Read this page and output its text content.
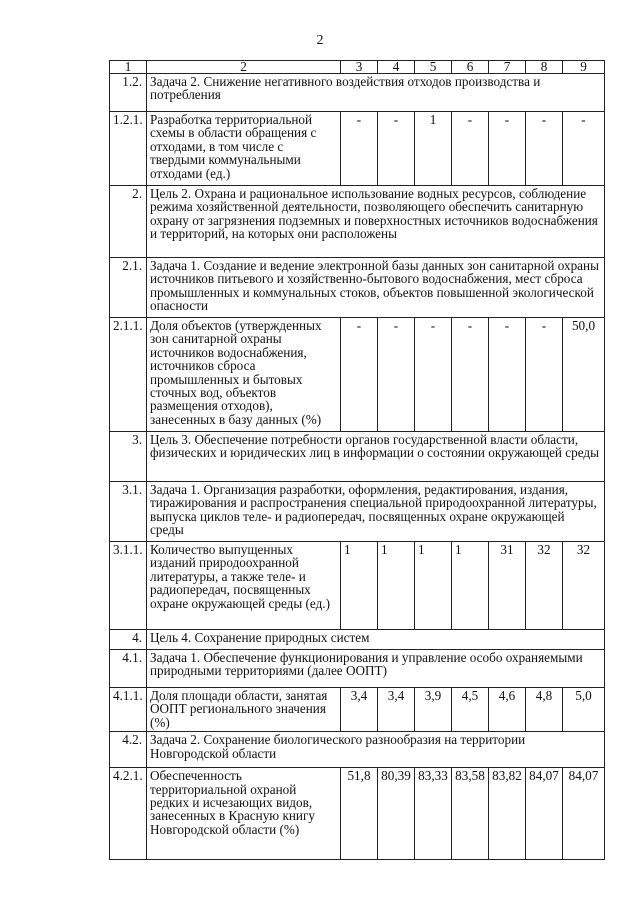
2
1	2	3	4	5	6	7	8	9
1.2.	Задача 2. Снижение негативного воздействия отходов производства и потребления							
1.2.1.	Разработка территориальной схемы в области обращения с отходами, в том числе с твердыми коммунальными отходами (ед.)	-	-	1	-	-	-	-
2.	Цель 2. Охрана и рациональное использование водных ресурсов, соблюдение режима хозяйственной деятельности, позволяющего обеспечить санитарную охрану от загрязнения подземных и поверхностных источников водоснабжения и территорий, на которых они расположены							
2.1.	Задача 1. Создание и ведение электронной базы данных зон санитарной охраны источников питьевого и хозяйственно-бытового водоснабжения, мест сброса промышленных и коммунальных стоков, объектов повышенной экологической опасности							
2.1.1.	Доля объектов (утвержденных зон санитарной охраны источников водоснабжения, источников сброса промышленных и бытовых сточных вод, объектов размещения отходов), занесенных в базу данных (%)	-	-	-	-	-	-	50,0
3.	Цель 3. Обеспечение потребности органов государственной власти области, физических и юридических лиц в информации о состоянии окружающей среды							
3.1.	Задача 1. Организация разработки, оформления, редактирования, издания, тиражирования и распространения специальной природоохранной литературы, выпуска циклов теле- и радиопередач, посвященных охране окружающей среды							
3.1.1.	Количество выпущенных изданий природоохранной литературы, а также теле- и радиопередач, посвященных охране окружающей среды (ед.)	1	1	1	1	31	32	32
4.	Цель 4. Сохранение природных систем							
4.1.	Задача 1. Обеспечение функционирования и управление особо охраняемыми природными территориями (далее ООПТ)							
4.1.1.	Доля площади области, занятая ООПТ регионального значения (%)	3,4	3,4	3,9	4,5	4,6	4,8	5,0
4.2.	Задача 2. Сохранение биологического разнообразия на территории Новгородской области							
4.2.1.	Обеспеченность территориальной охраной редких и исчезающих видов, занесенных в Красную книгу Новгородской области (%)	51,8	80,39	83,33	83,58	83,82	84,07	84,07
